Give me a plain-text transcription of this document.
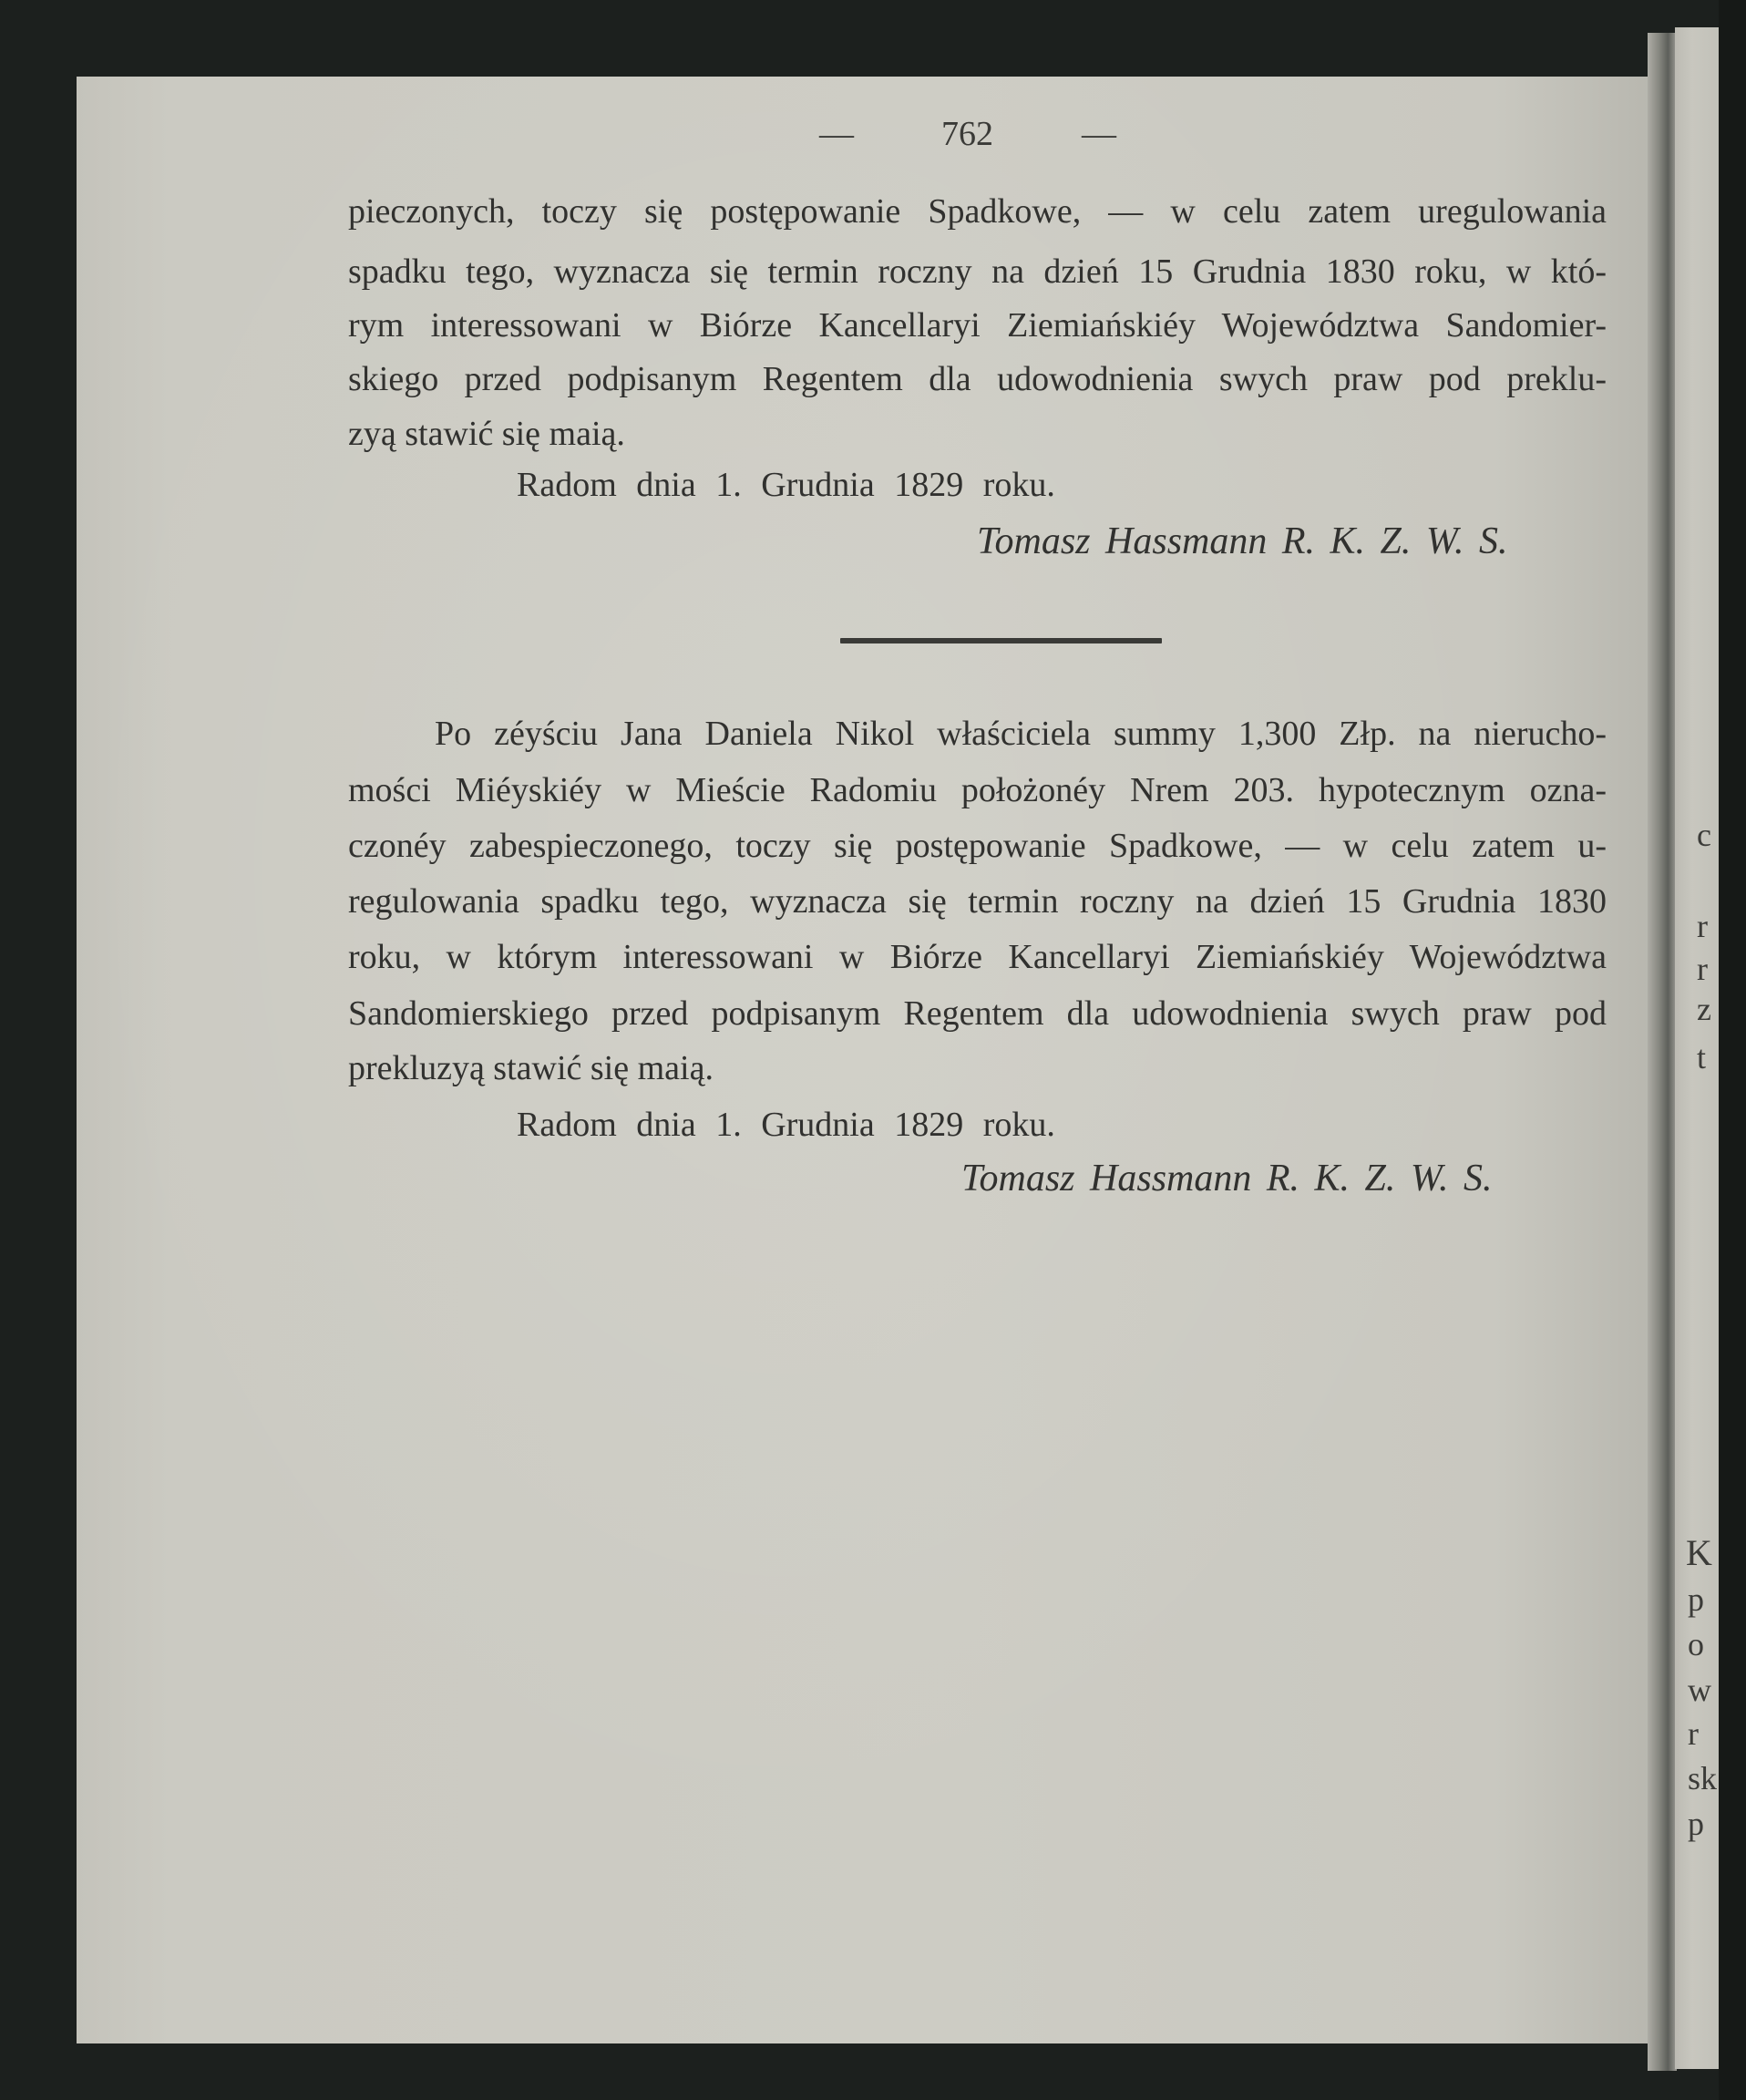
—	762	—
pieczonych, toczy się postępowanie Spadkowe, — w celu zatem uregulowania
spadku tego, wyznacza się termin roczny na dzień 15 Grudnia 1830 roku, w któ-
rym interessowani w Biórze Kancellaryi Ziemiańskiéy Województwa Sandomier-
skiego przed podpisanym Regentem dla udowodnienia swych praw pod preklu-
zyą stawić się maią.
Radom dnia 1. Grudnia 1829 roku.
Tomasz Hassmann R. K. Z. W. S.
Po zéyściu Jana Daniela Nikol właściciela summy 1,300 Złp. na nierucho-
mości Miéyskiéy w Mieście Radomiu położonéy Nrem 203. hypotecznym ozna-
czonéy zabespieczonego, toczy się postępowanie Spadkowe, — w celu zatem u-
regulowania spadku tego, wyznacza się termin roczny na dzień 15 Grudnia 1830
roku, w którym interessowani w Biórze Kancellaryi Ziemiańskiéy Województwa
Sandomierskiego przed podpisanym Regentem dla udowodnienia swych praw pod
prekluzyą stawić się maią.
Radom dnia 1. Grudnia 1829 roku.
Tomasz Hassmann R. K. Z. W. S.
c
r
r
z
t
K
p
o
w
r
sk
p
